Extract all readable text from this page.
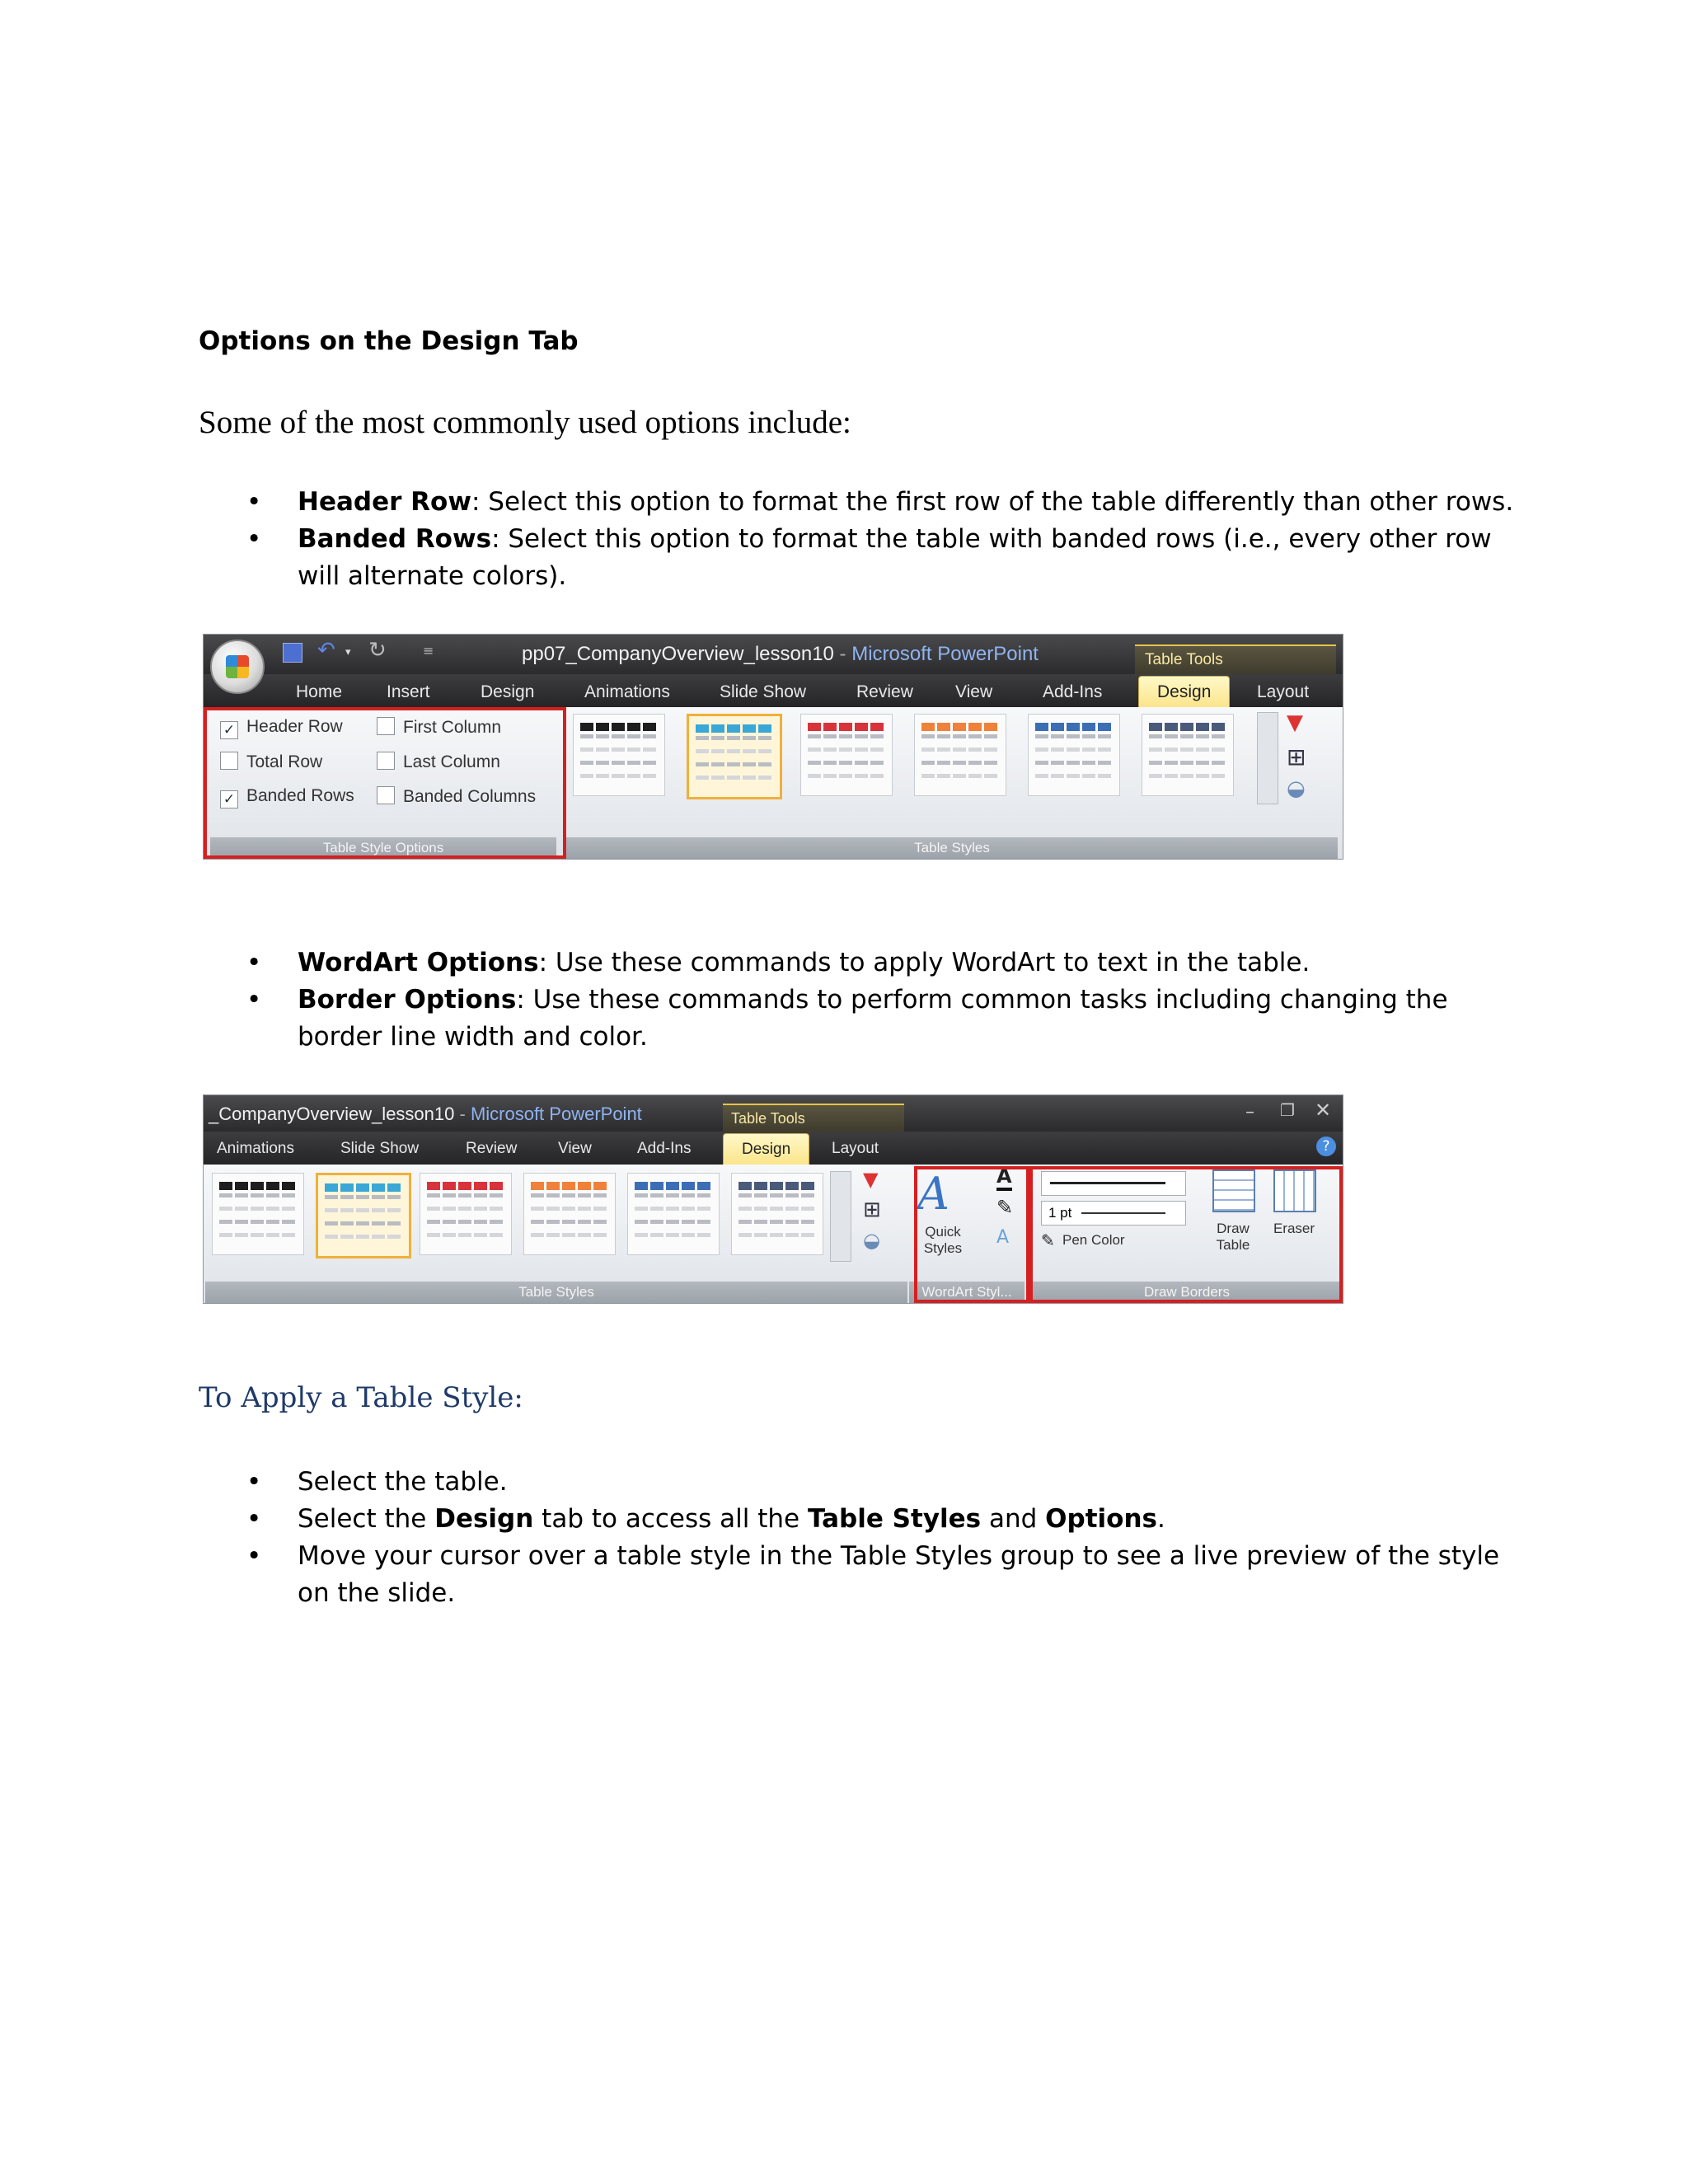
Options on the Design Tab
Some of the most commonly used options include:
• Header Row: Select this option to format the first row of the table differently than other rows.
• Banded Rows: Select this option to format the table with banded rows (i.e., every other row will alternate colors).
↶ ▾ ↻	≡	pp07_CompanyOverview_lesson10 - Microsoft PowerPoint	Table Tools
Home	Insert	Design	Animations	Slide Show	Review View	Add-Ins	Design	Layout
✓ Header Row	First Column
Total Row	Last Column
✓ Banded Rows	Banded Columns
Table Style Options
▼
⊞
◒
Table Styles
• WordArt Options: Use these commands to apply WordArt to text in the table.
• Border Options: Use these commands to perform common tasks including changing the border line width and color.
_CompanyOverview_lesson10 - Microsoft PowerPoint	Table Tools	– ❐ ✕
Animations	Slide Show	Review	View	Add-Ins	Design	Layout	?
▼
⊞
◒
Table Styles
A
Quick Styles
A
✎
A
WordArt Styl...
1 pt
✎ Pen Color
Draw Table
Eraser
Draw Borders
To Apply a Table Style:
• Select the table.
• Select the Design tab to access all the Table Styles and Options.
• Move your cursor over a table style in the Table Styles group to see a live preview of the style on the slide.
